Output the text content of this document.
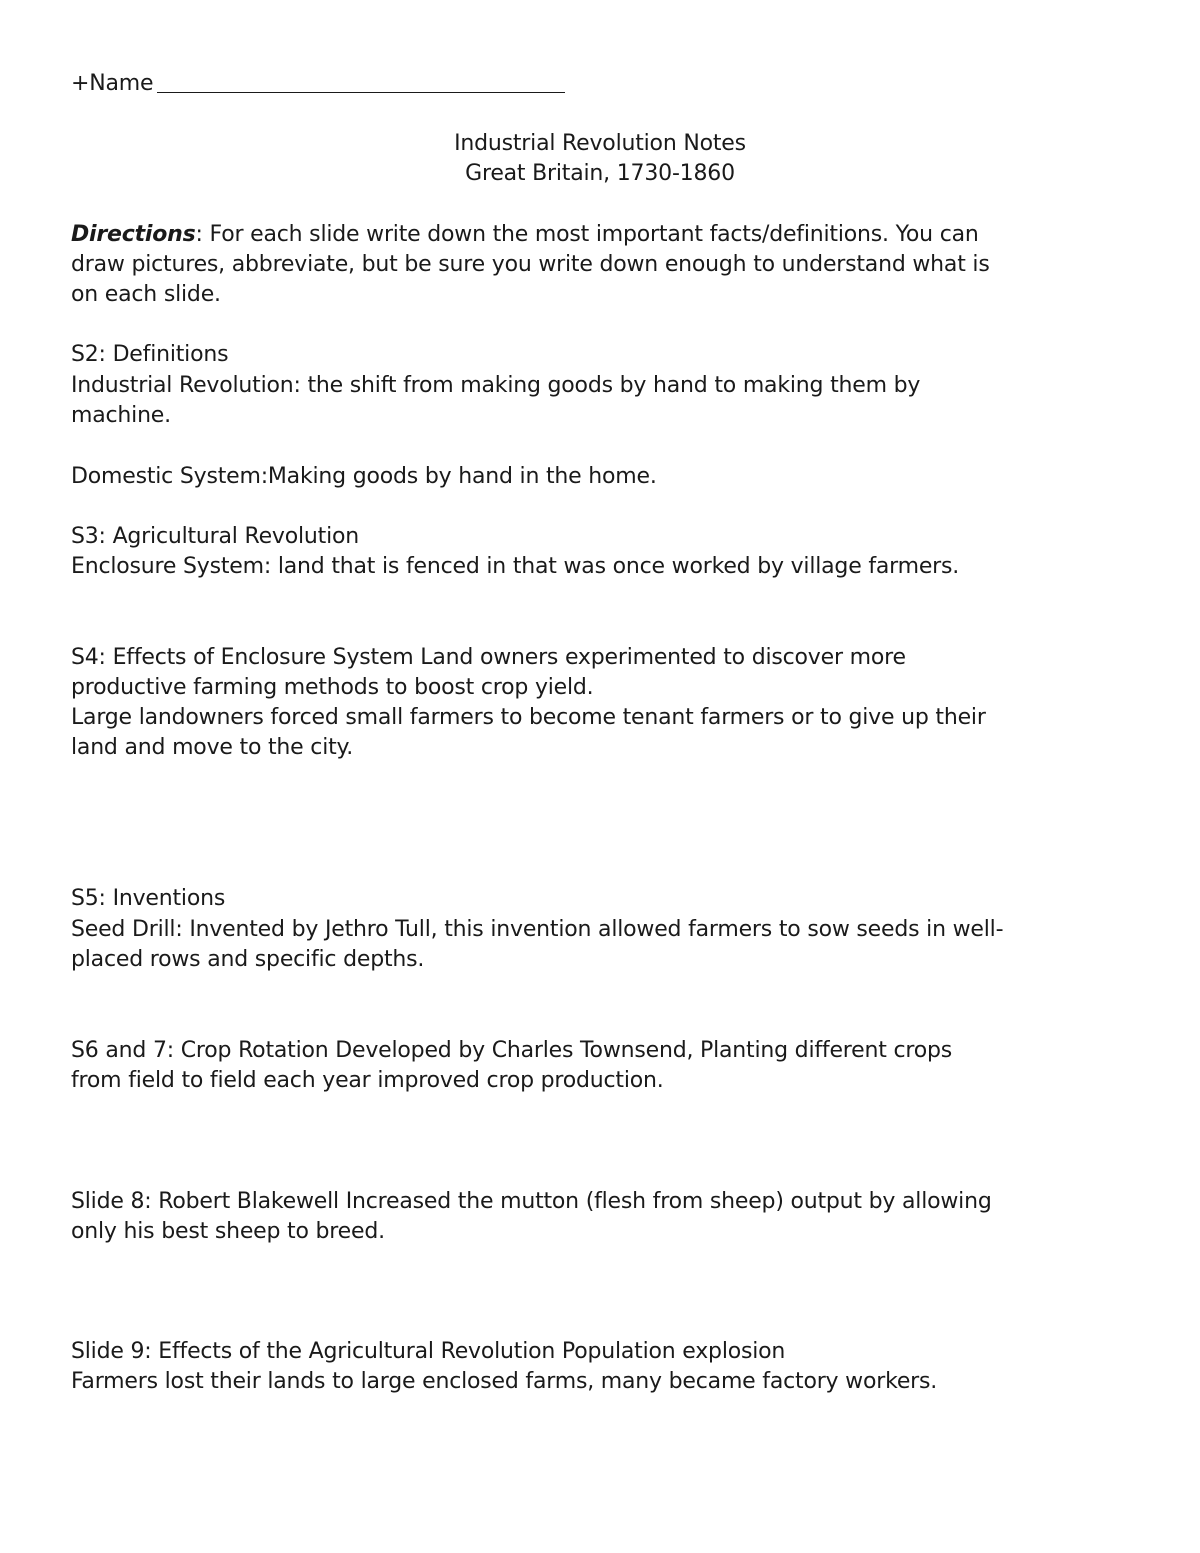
+Name
Industrial Revolution Notes
Great Britain, 1730-1860
Directions: For each slide write down the most important facts/definitions. You can
draw pictures, abbreviate, but be sure you write down enough to understand what is
on each slide.
S2: Definitions
Industrial Revolution: the shift from making goods by hand to making them by
machine.
Domestic System:Making goods by hand in the home.
S3: Agricultural Revolution
Enclosure System: land that is fenced in that was once worked by village farmers.
S4: Effects of Enclosure System Land owners experimented to discover more
productive farming methods to boost crop yield.
Large landowners forced small farmers to become tenant farmers or to give up their
land and move to the city.
S5: Inventions
Seed Drill: Invented by Jethro Tull, this invention allowed farmers to sow seeds in well-
placed rows and specific depths.
S6 and 7: Crop Rotation Developed by Charles Townsend, Planting different crops
from field to field each year improved crop production.
Slide 8: Robert Blakewell Increased the mutton (flesh from sheep) output by allowing
only his best sheep to breed.
Slide 9: Effects of the Agricultural Revolution Population explosion
Farmers lost their lands to large enclosed farms, many became factory workers.
